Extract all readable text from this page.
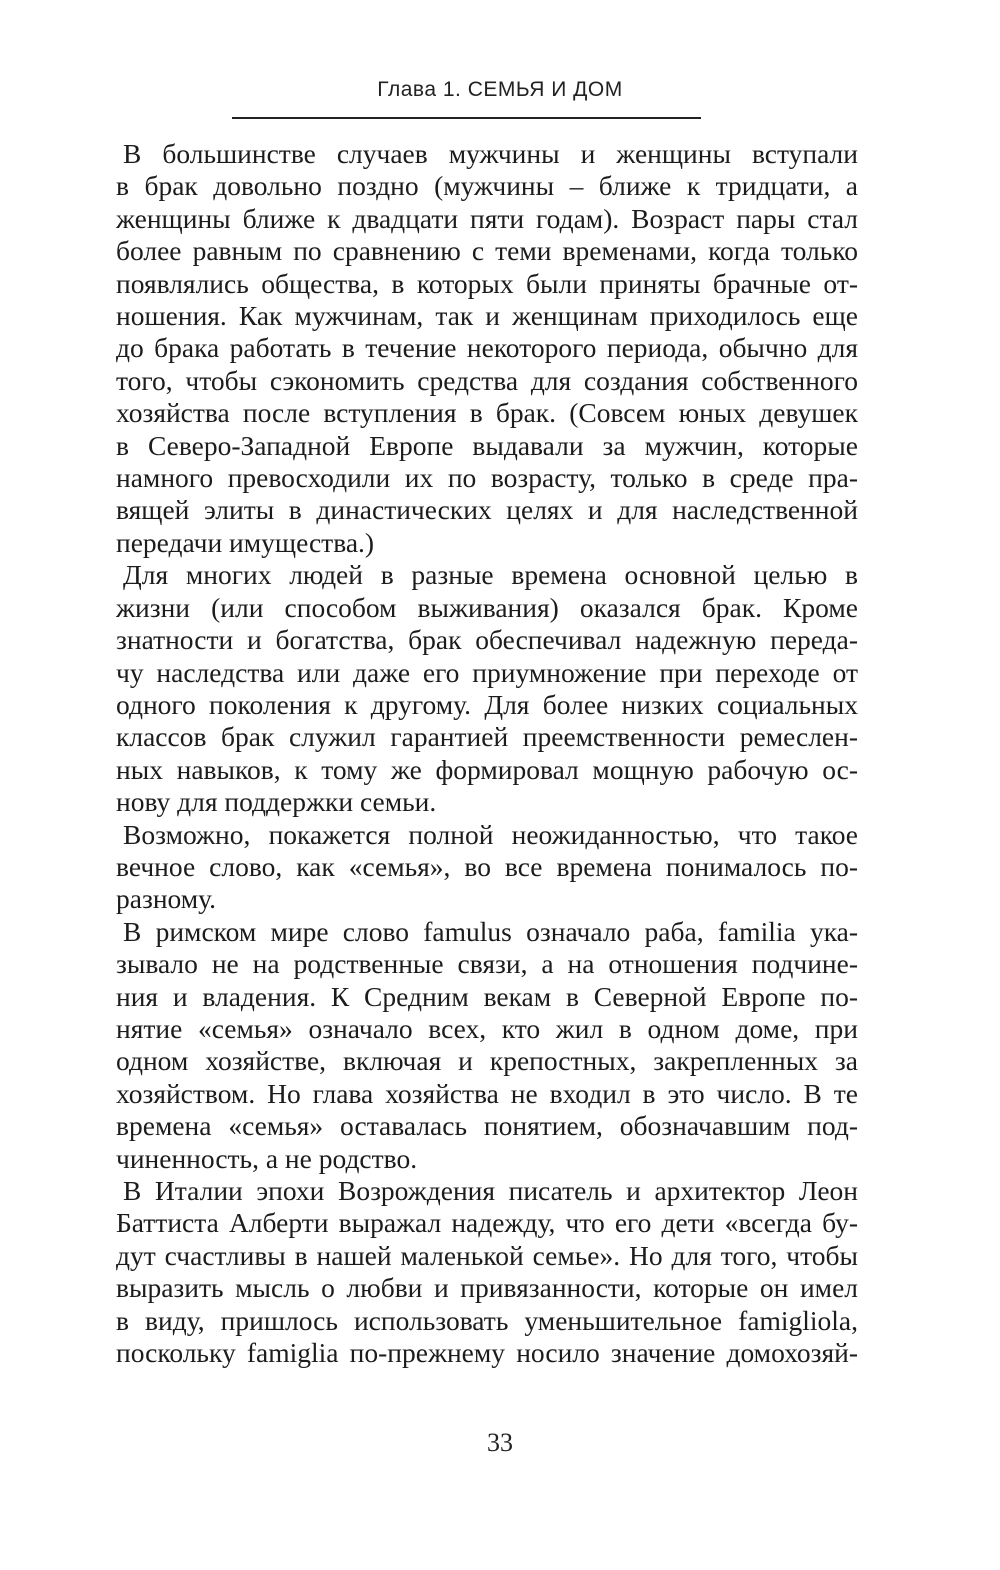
Глава 1. СЕМЬЯ И ДОМ

В большинстве случаев мужчины и женщины вступали
в брак довольно поздно (мужчины – ближе к тридцати, а
женщины ближе к двадцати пяти годам). Возраст пары стал
более равным по сравнению с теми временами, когда только
появлялись общества, в которых были приняты брачные от-
ношения. Как мужчинам, так и женщинам приходилось еще
до брака работать в течение некоторого периода, обычно для
того, чтобы сэкономить средства для создания собственного
хозяйства после вступления в брак. (Совсем юных девушек
в Северо-Западной Европе выдавали за мужчин, которые
намного превосходили их по возрасту, только в среде пра-
вящей элиты в династических целях и для наследственной
передачи имущества.)

Для многих людей в разные времена основной целью в
жизни (или способом выживания) оказался брак. Кроме
знатности и богатства, брак обеспечивал надежную переда-
чу наследства или даже его приумножение при переходе от
одного поколения к другому. Для более низких социальных
классов брак служил гарантией преемственности ремеслен-
ных навыков, к тому же формировал мощную рабочую ос-
нову для поддержки семьи.

Возможно, покажется полной неожиданностью, что такое
вечное слово, как «семья», во все времена понималось по-
разному.

В римском мире слово famulus означало раба, familia ука-
зывало не на родственные связи, а на отношения подчине-
ния и владения. К Средним векам в Северной Европе по-
нятие «семья» означало всех, кто жил в одном доме, при
одном хозяйстве, включая и крепостных, закрепленных за
хозяйством. Но глава хозяйства не входил в это число. В те
времена «семья» оставалась понятием, обозначавшим под-
чиненность, а не родство.

В Италии эпохи Возрождения писатель и архитектор Леон
Баттиста Алберти выражал надежду, что его дети «всегда бу-
дут счастливы в нашей маленькой семье». Но для того, чтобы
выразить мысль о любви и привязанности, которые он имел
в виду, пришлось использовать уменьшительное famigliola,
поскольку famiglia по-прежнему носило значение домохозяй-

33
